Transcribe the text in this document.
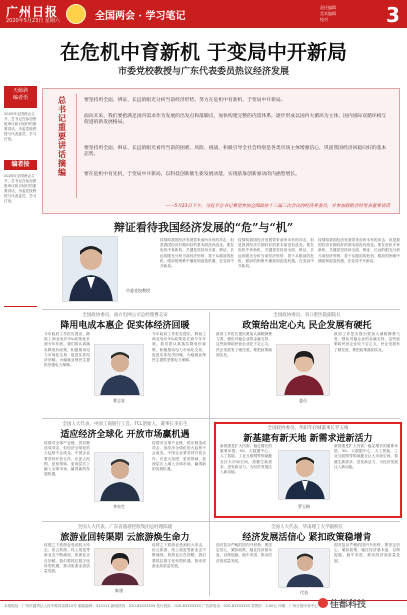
广州日报
2020年5月23日 星期六	全国两会 · 学习笔记
责任编辑
美术编辑
校对	3
在危机中育新机 于变局中开新局
市委党校教授与广东代表委员热议经济发展
天倾斜
编者语
2020年全国两会召开，总书记在参加团组审议和讨论时的重要讲话，市委党校教授与代表委员，学习讨论。
编者按
2020年全国两会召开，总书记在参加团组审议和讨论时的重要讲话，市委党校教授与代表委员，学习讨论。
总书记重要讲话摘编
要坚持用全面、辨证、长远的眼光分析当前经济形势，努力在危机中育新机、于变局中开新局。
面向未来，我们要把满足国内需求作为发展的出发点和落脚点，加快构建完整的内需体系，逐步形成以国内大循环为主体、国内国际双循环相互促进的新发展格局。
要坚持用全面、辩证、长远的眼光看待当前的困难、风险、挑战，积极引导全社会特别是各类市场主体增强信心，巩固我国经济回稳向好的基本态势。
要在危机中育先机，于变局中开新局，以科技创新催生新发展动能，实现依靠创新驱动的内涵型增长。
——5月23日下午，习近平总书记看望参加全国政协十三届三次会议的经济界委员，并参加联组会时发表重要讲话
辩证看待我国经济发展的“危”与“机”
市委党校教授
疫情给我国经济发展带来前所未有的冲击，但是我国经济长期向好的基本面没有改变。要在危机中育新机，关键是坚持用全面、辩证、长远的眼光分析当前经济形势，善于从眼前的危机、眼前的困难中捕捉和创造机遇，在变局中开新局。
疫情给我国经济发展带来前所未有的冲击，但是我国经济长期向好的基本面没有改变。要在危机中育新机，关键是坚持用全面、辩证、长远的眼光分析当前经济形势，善于从眼前的危机、眼前的困难中捕捉和创造机遇，在变局中开新局。
疫情给我国经济发展带来前所未有的冲击，但是我国经济长期向好的基本面没有改变。要在危机中育新机，关键是坚持用全面、辩证、长远的眼光分析当前经济形势，善于从眼前的危机、眼前的困难中捕捉和创造机遇，在变局中开新局。
全国政协委员、南方电网公司总经理曹志安
降用电成本惠企 促实体经济回暖
今年政府工作报告提出，降低工商业电价5%政策延长到今年年底。我们将认真落实降电价政策，积极推动电力市场化交易，促进实体经济回暖，为稳就业保民生提供坚强电力保障。
今年政府工作报告提出，降低工商业电价5%政策延长到今年年底。我们将认真落实降电价政策，积极推动电力市场化交易，促进实体经济回暖，为稳就业保民生提供坚强电力保障。
曹志安
全国政协委员、省口腔医院副院长
政策给出定心丸 民企发展有硬托
政府工作报告提出要加大减税降费力度，强化对稳企业的金融支持，这些政策给民营企业吃下定心丸，民企发展有了硬托底，要把政策落到实处。
政府工作报告提出要加大减税降费力度，强化对稳企业的金融支持，这些政策给民营企业吃下定心丸，民企发展有了硬托底，要把政策落到实处。
委员
全国人大代表、中国工商银行工会、TCL创始人、董事长李东生
适应经济全球化 开放市场赢机遇
疫情对全球产业链、供应链造成冲击，但经济全球化的大趋势不会改变。中国企业要坚持开放合作，在更大范围、更宽领域、更深层次上融入全球市场，赢得新的发展机遇。
疫情对全球产业链、供应链造成冲击，但经济全球化的大趋势不会改变。中国企业要坚持开放合作，在更大范围、更宽领域、更深层次上融入全球市场，赢得新的发展机遇。
李东生
全国政协委员、华阳年轻城董事长罗玉梅
新基建有新天地 新需求迸新活力
新基建是扩大内需、稳定增长的重要举措，5G、大数据中心、人工智能、工业互联网等领域蕴含巨大市场空间，将催生新需求、迸发新活力，为经济发展注入新动能。
新基建是扩大内需、稳定增长的重要举措，5G、大数据中心、人工智能、工业互联网等领域蕴含巨大市场空间，将催生新需求、迸发新活力，为经济发展注入新动能。
罗玉梅
全国人大代表、广东省旅游控股集团总经理陈建
旅游业回转渠期 云旅游焕生命力
疫情之下旅游业受到较大冲击，但云旅游、线上展览等新业态不断涌现，旅游业正在回暖，我们要抓住数字化转型机遇，推动旅游业高质量发展。
疫情之下旅游业受到较大冲击，但云旅游、线上展览等新业态不断涌现，旅游业正在回暖，我们要抓住数字化转型机遇，推动旅游业高质量发展。
陈建
全国人大代表、华南理工大学副校长
经济发展活信心 紧扣政策稳增肯
面对复杂严峻的国内外形势，要坚定信心，紧扣政策，稳住经济基本盘，以保促稳、稳中求进，推动经济高质量发展。
面对复杂严峻的国内外形势，要坚定信心，紧扣政策，稳住经济基本盘，以保促稳、稳中求进，推动经济高质量发展。
代表
本报地址：广州市越秀区人民中路同乐路10号 邮政编码：510121 新闻热线：020-83333333 发行投诉：020-83333333 广告部电话：020-83333333 零售价：2.00元 印刷：广州日报印务中心	佳都科技
